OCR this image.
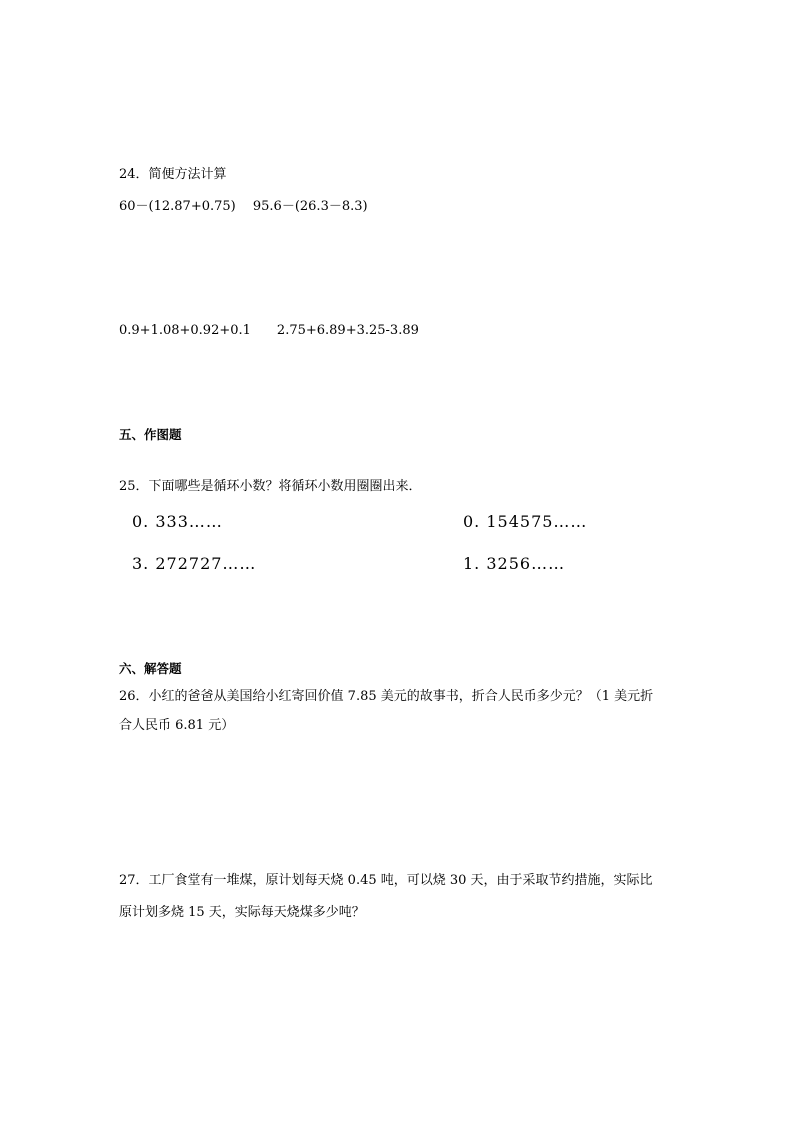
24．简便方法计算
60－(12.87+0.75)　 95.6－(26.3－8.3)
0.9+1.08+0.92+0.1　　2.75+6.89+3.25-3.89
五、作图题
25．下面哪些是循环小数？将循环小数用圈圈出来．
0. 333……	0. 154575……
3. 272727……	1. 3256……
六、解答题
26．小红的爸爸从美国给小红寄回价值 7.85 美元的故事书，折合人民币多少元？（1 美元折
合人民币 6.81 元）
27．工厂食堂有一堆煤，原计划每天烧 0.45 吨，可以烧 30 天，由于采取节约措施，实际比
原计划多烧 15 天，实际每天烧煤多少吨？
